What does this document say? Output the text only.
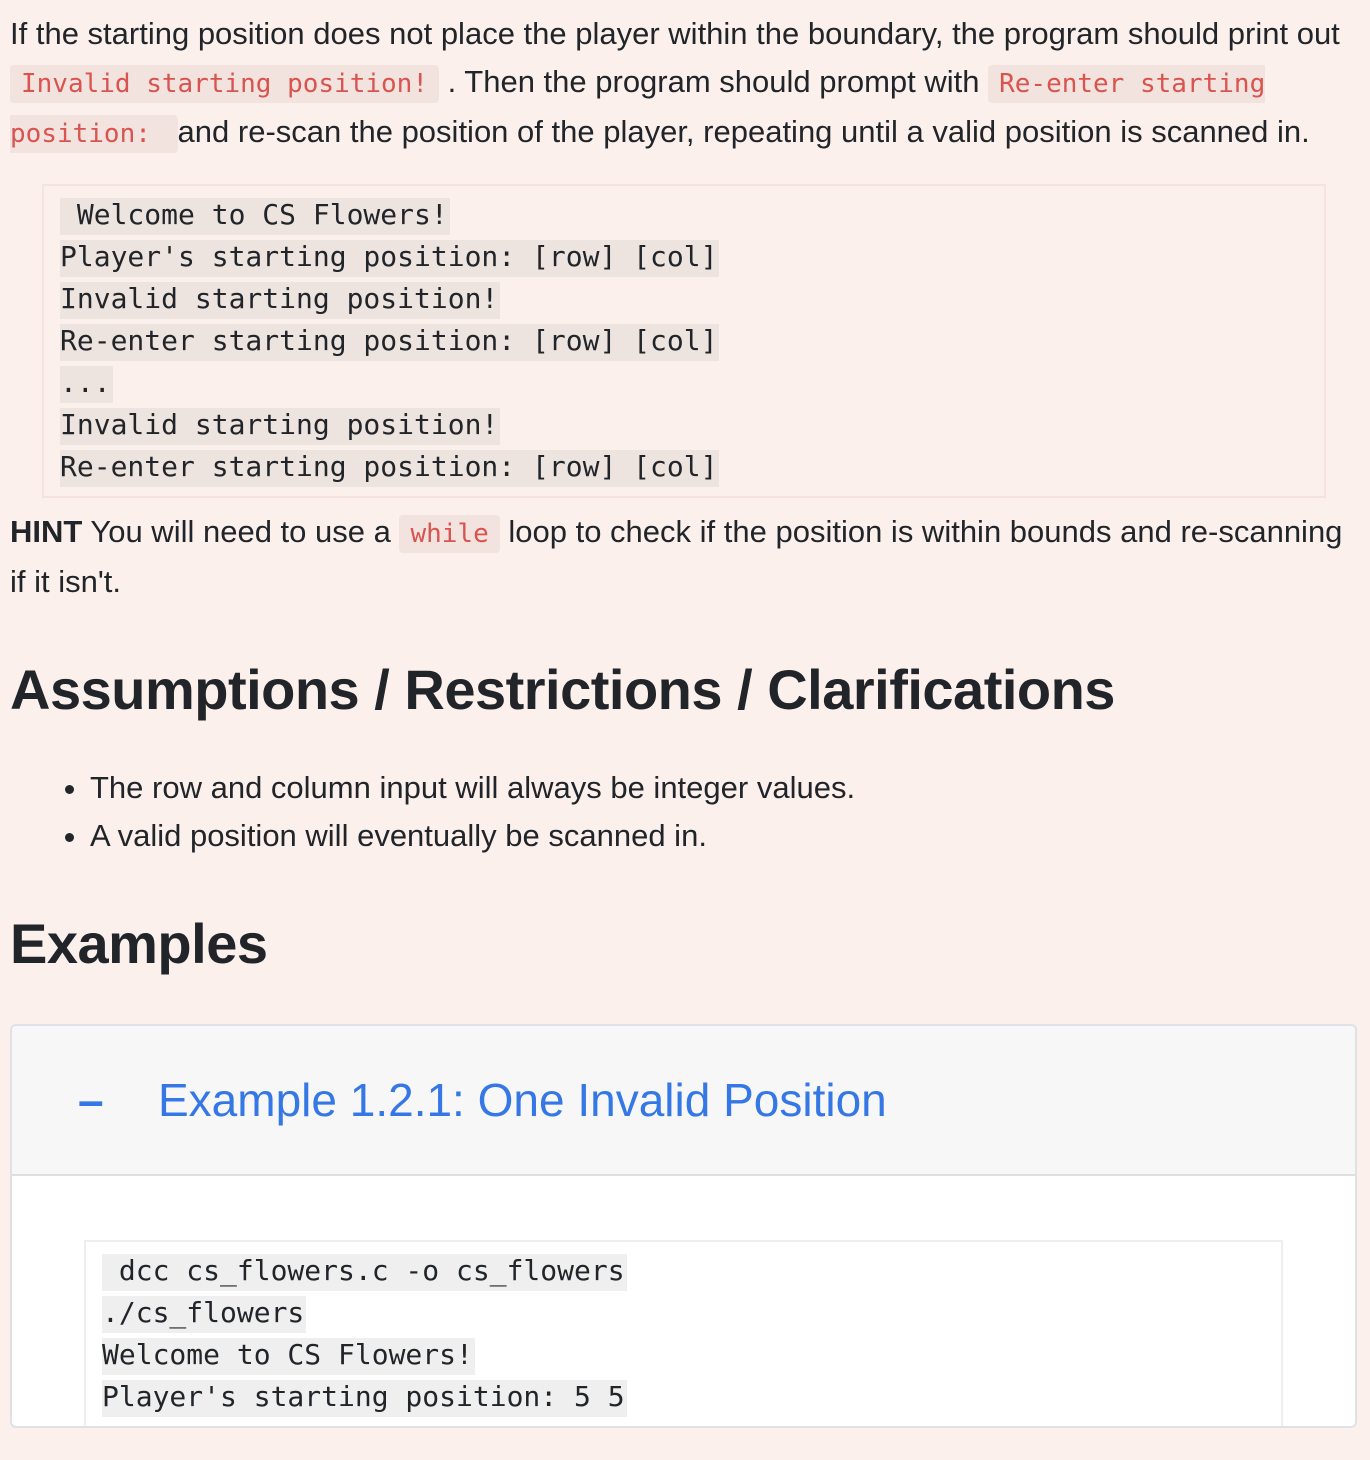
If the starting position does not place the player within the boundary, the program should print out Invalid starting position! . Then the program should prompt with Re-enter starting position: and re-scan the position of the player, repeating until a valid position is scanned in.

Welcome to CS Flowers!
Player's starting position: [row] [col]
Invalid starting position!
Re-enter starting position: [row] [col]
...
Invalid starting position!
Re-enter starting position: [row] [col]

HINT You will need to use a while loop to check if the position is within bounds and re-scanning if it isn't.

Assumptions / Restrictions / Clarifications
• The row and column input will always be integer values.
• A valid position will eventually be scanned in.
Examples
–	Example 1.2.1: One Invalid Position
dcc cs_flowers.c -o cs_flowers
./cs_flowers
Welcome to CS Flowers!
Player's starting position: 5 5
